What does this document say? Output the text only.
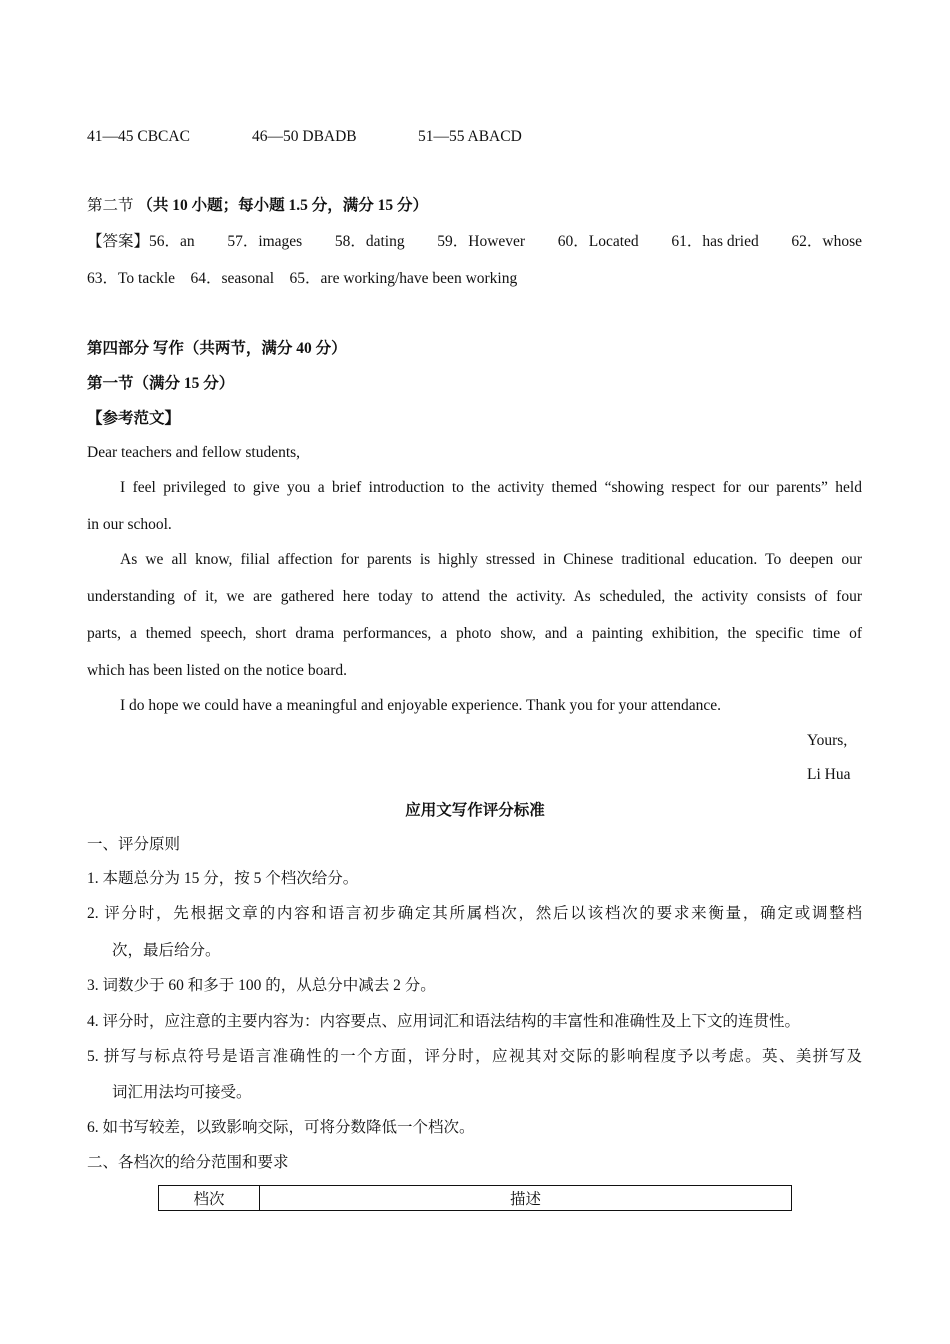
41—45 CBCAC	46—50 DBADB	51—55 ABACD
第二节 （共 10 小题；每小题 1.5 分，满分 15 分）
【答案】56．an 57．images 58．dating 59．However 60．Located 61．has dried 62．whose
63．To tackle 64．seasonal 65．are working/have been working
第四部分 写作（共两节，满分 40 分）
第一节（满分 15 分）
【参考范文】
Dear teachers and fellow students,
I feel privileged to give you a brief introduction to the activity themed “showing respect for our parents” held
in our school.
As we all know, filial affection for parents is highly stressed in Chinese traditional education. To deepen our
understanding of it, we are gathered here today to attend the activity. As scheduled, the activity consists of four
parts, a themed speech, short drama performances, a photo show, and a painting exhibition, the specific time of
which has been listed on the notice board.
I do hope we could have a meaningful and enjoyable experience. Thank you for your attendance.
Yours,
Li Hua
应用文写作评分标准
一、评分原则
1. 本题总分为 15 分，按 5 个档次给分。
2. 评分时，先根据文章的内容和语言初步确定其所属档次，然后以该档次的要求来衡量，确定或调整档
次，最后给分。
3. 词数少于 60 和多于 100 的，从总分中减去 2 分。
4. 评分时，应注意的主要内容为：内容要点、应用词汇和语法结构的丰富性和准确性及上下文的连贯性。
5. 拼写与标点符号是语言准确性的一个方面，评分时，应视其对交际的影响程度予以考虑。英、美拼写及
词汇用法均可接受。
6. 如书写较差，以致影响交际，可将分数降低一个档次。
二、各档次的给分范围和要求
档次	描述
